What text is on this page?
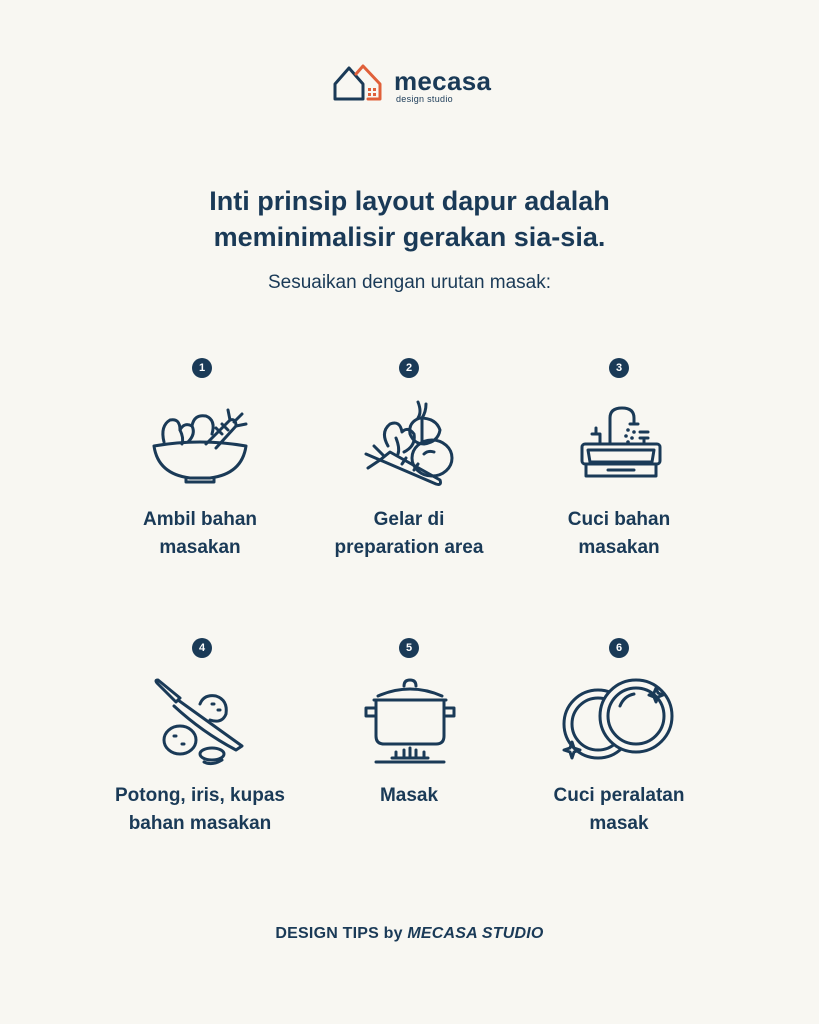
mecasa
design studio
Inti prinsip layout dapur adalah
meminimalisir gerakan sia-sia.
Sesuaikan dengan urutan masak:
1
Ambil bahan
masakan
2
Gelar di
preparation area
3
Cuci bahan
masakan
4
Potong, iris, kupas
bahan masakan
5
Masak
6
Cuci peralatan
masak
DESIGN TIPS by MECASA STUDIO
